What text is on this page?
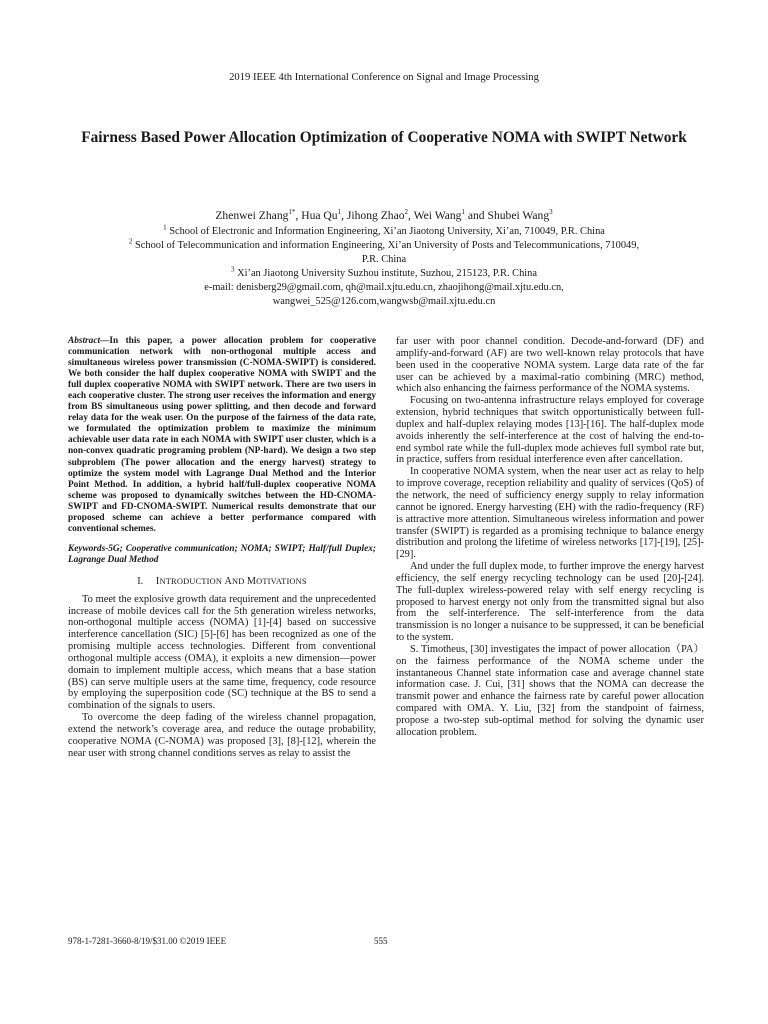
2019 IEEE 4th International Conference on Signal and Image Processing
Fairness Based Power Allocation Optimization of Cooperative NOMA with SWIPT Network
Zhenwei Zhang$^{1*}$, Hua Qu$^1$, Jihong Zhao$^2$, Wei Wang$^1$ and Shubei Wang$^3$
$^1$ School of Electronic and Information Engineering, Xi’an Jiaotong University, Xi’an, 710049, P.R. China
$^2$ School of Telecommunication and information Engineering, Xi’an University of Posts and Telecommunications, 710049,
P.R. China
$^3$ Xi’an Jiaotong University Suzhou institute, Suzhou, 215123, P.R. China
e-mail: denisberg29@gmail.com, qh@mail.xjtu.edu.cn, zhaojihong@mail.xjtu.edu.cn,
wangwei_525@126.com,wangwsb@mail.xjtu.edu.cn

Abstract—In this paper, a power allocation problem for cooperative communication network with non-orthogonal multiple access and simultaneous wireless power transmission (C-NOMA-SWIPT) is considered. We both consider the half duplex cooperative NOMA with SWIPT and the full duplex cooperative NOMA with SWIPT network. There are two users in each cooperative cluster. The strong user receives the information and energy from BS simultaneous using power splitting, and then decode and forward relay data for the weak user. On the purpose of the fairness of the data rate, we formulated the optimization problem to maximize the minimum achievable user data rate in each NOMA with SWIPT user cluster, which is a non-convex quadratic programing problem (NP-hard). We design a two step subproblem (The power allocation and the energy harvest) strategy to optimize the system model with Lagrange Dual Method and the Interior Point Method. In addition, a hybrid half/full-duplex cooperative NOMA scheme was proposed to dynamically switches between the HD-CNOMA-SWIPT and FD-CNOMA-SWIPT. Numerical results demonstrate that our proposed scheme can achieve a better performance compared with conventional schemes.

Keywords-5G; Cooperative communication; NOMA; SWIPT; Half/full Duplex; Lagrange Dual Method

I. INTRODUCTION AND MOTIVATIONS

To meet the explosive growth data requirement and the unprecedented increase of mobile devices call for the 5th generation wireless networks, non-orthogonal multiple access (NOMA) [1]-[4] based on successive interference cancellation (SIC) [5]-[6] has been recognized as one of the promising multiple access technologies. Different from conventional orthogonal multiple access (OMA), it exploits a new dimension—power domain to implement multiple access, which means that a base station (BS) can serve multiple users at the same time, frequency, code resource by employing the superposition code (SC) technique at the BS to send a combination of the signals to users.

To overcome the deep fading of the wireless channel propagation, extend the network’s coverage area, and reduce the outage probability, cooperative NOMA (C-NOMA) was proposed [3], [8]-[12], wherein the near user with strong channel conditions serves as relay to assist the

far user with poor channel condition. Decode-and-forward (DF) and amplify-and-forward (AF) are two well-known relay protocols that have been used in the cooperative NOMA system. Large data rate of the far user can be achieved by a maximal-ratio combining (MRC) method, which also enhancing the fairness performance of the NOMA systems.

Focusing on two-antenna infrastructure relays employed for coverage extension, hybrid techniques that switch opportunistically between full-duplex and half-duplex relaying modes [13]-[16]. The half-duplex mode avoids inherently the self-interference at the cost of halving the end-to-end symbol rate while the full-duplex mode achieves full symbol rate but, in practice, suffers from residual interference even after cancellation.

In cooperative NOMA system, when the near user act as relay to help to improve coverage, reception reliability and quality of services (QoS) of the network, the need of sufficiency energy supply to relay information cannot be ignored. Energy harvesting (EH) with the radio-frequency (RF) is attractive more attention. Simultaneous wireless information and power transfer (SWIPT) is regarded as a promising technique to balance energy distribution and prolong the lifetime of wireless networks [17]-[19], [25]-[29].

And under the full duplex mode, to further improve the energy harvest efficiency, the self energy recycling technology can be used [20]-[24]. The full-duplex wireless-powered relay with self energy recycling is proposed to harvest energy not only from the transmitted signal but also from the self-interference. The self-interference from the data transmission is no longer a nuisance to be suppressed, it can be beneficial to the system.

S. Timotheus, [30] investigates the impact of power allocation（PA） on the fairness performance of the NOMA scheme under the instantaneous Channel state information case and average channel state information case. J. Cui, [31] shows that the NOMA can decrease the transmit power and enhance the fairness rate by careful power allocation compared with OMA. Y. Liu, [32] from the standpoint of fairness, propose a two-step sub-optimal method for solving the dynamic user allocation problem.

978-1-7281-3660-8/19/$31.00 ©2019 IEEE	555
